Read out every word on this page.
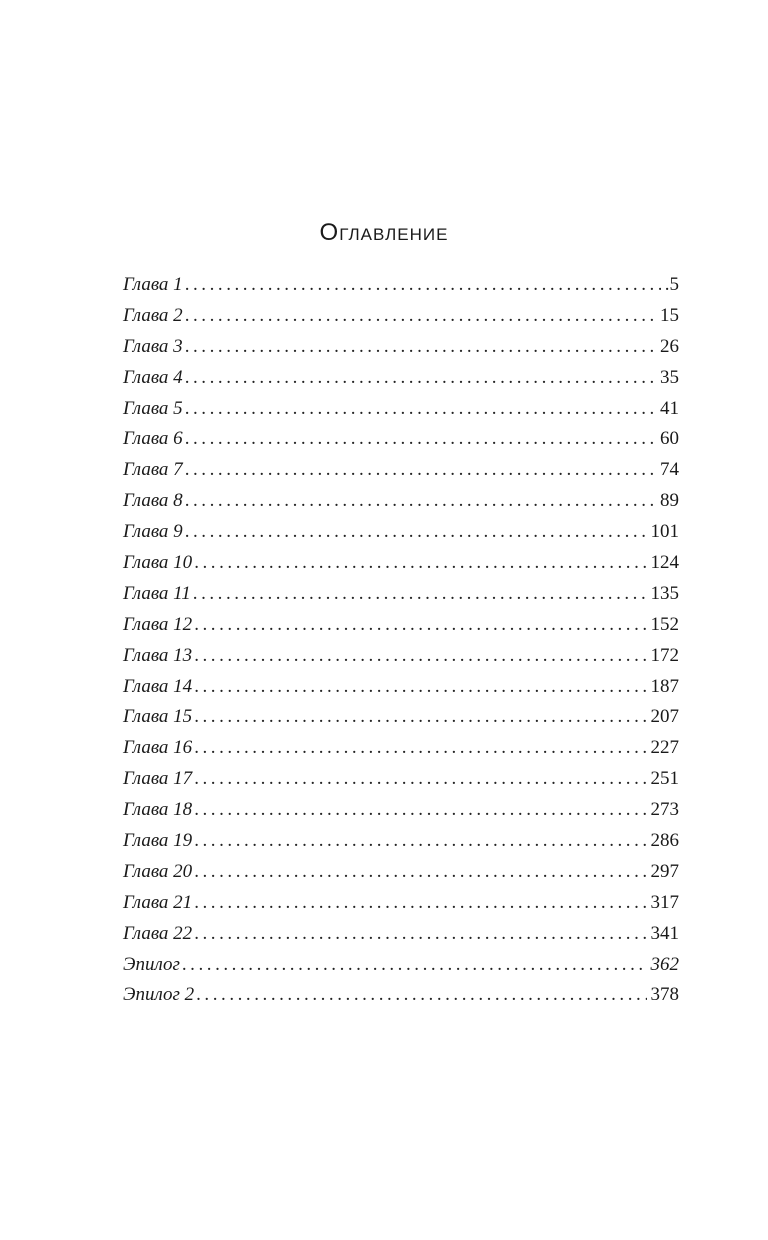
Оглавление
Глава 1 . . .	.5
Глава 2 . . .	15
Глава 3 . . .	26
Глава 4 . . .	35
Глава 5 . . .	41
Глава 6 . . .	60
Глава 7 . . .	74
Глава 8 . . .	89
Глава 9 . . .	101
Глава 10 . . .	124
Глава 11 . . .	135
Глава 12 . . .	152
Глава 13 . . .	172
Глава 14 . . .	187
Глава 15 . . .	207
Глава 16 . . .	227
Глава 17 . . .	251
Глава 18 . . .	273
Глава 19 . . .	286
Глава 20 . . .	297
Глава 21 . . .	317
Глава 22 . . .	341
Эпилог . . .	362
Эпилог 2 . . .	378
